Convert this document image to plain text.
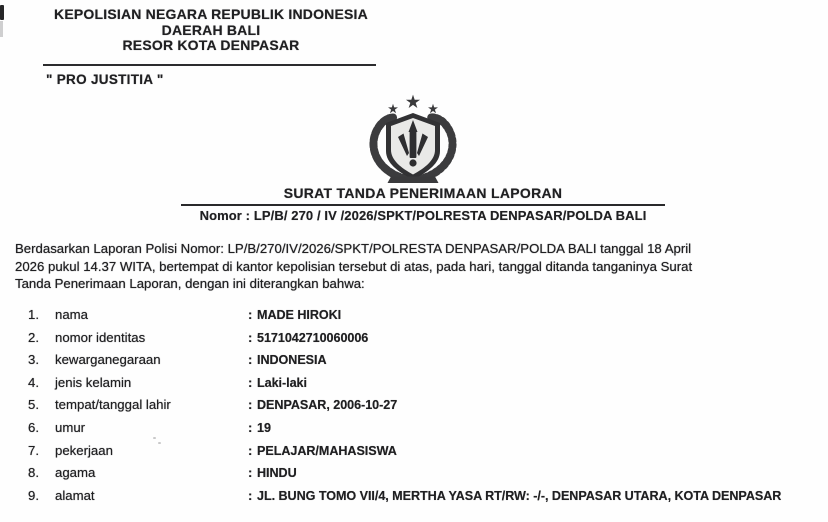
KEPOLISIAN NEGARA REPUBLIK INDONESIA
DAERAH BALI
RESOR KOTA DENPASAR
" PRO JUSTITIA "
SURAT TANDA PENERIMAAN LAPORAN
Nomor : LP/B/ 270 / IV /2026/SPKT/POLRESTA DENPASAR/POLDA BALI
Berdasarkan Laporan Polisi Nomor: LP/B/270/IV/2026/SPKT/POLRESTA DENPASAR/POLDA BALI tanggal 18 April
2026 pukul 14.37 WITA, bertempat di kantor kepolisian tersebut di atas, pada hari, tanggal ditanda tanganinya Surat
Tanda Penerimaan Laporan, dengan ini diterangkan bahwa:
1.	nama	: MADE HIROKI
2.	nomor identitas	: 5171042710060006
3.	kewarganegaraan	: INDONESIA
4.	jenis kelamin	: Laki-laki
5.	tempat/tanggal lahir	: DENPASAR, 2006-10-27
6.	umur	: 19
7.	pekerjaan	: PELAJAR/MAHASISWA
8.	agama	: HINDU
9.	alamat	: JL. BUNG TOMO VII/4, MERTHA YASA RT/RW: -/-, DENPASAR UTARA, KOTA DENPASAR
